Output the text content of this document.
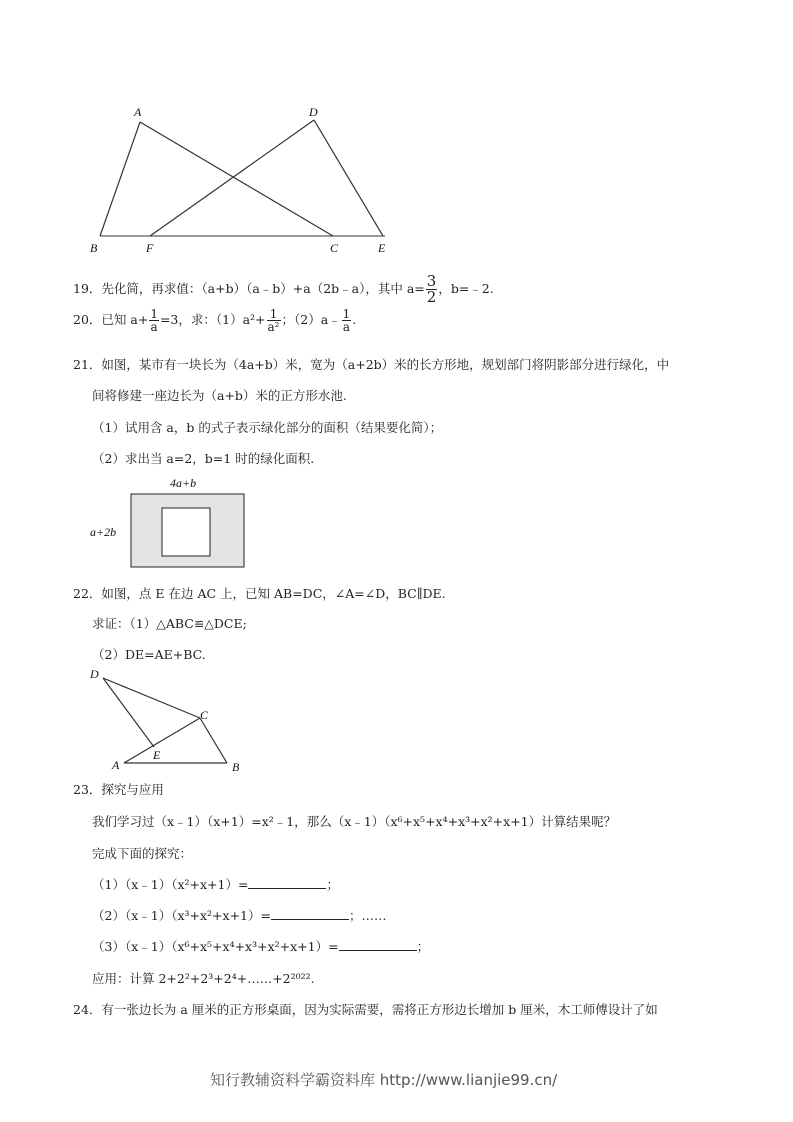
A	D
B	F	C	E
19．先化简，再求值：（a+b）（a﹣b）+a（2b﹣a），其中 $a= \frac{3}{2}$ ，b=﹣2.
20．已知 $a+ \frac{1}{a} =3$，求：$(1)a^2+ \frac{1}{\text{a²}}$ ；（2）a﹣ $\frac{1}{a}$ .
21．如图，某市有一块长为（4a+b）米，宽为（a+2b）米的长方形地，规划部门将阴影部分进行绿化，中
间将修建一座边长为（a+b）米的正方形水池.
（1）试用含 a，b 的式子表示绿化部分的面积（结果要化简）；
（2）求出当 a=2，b=1 时的绿化面积.
4a+b
a+2b
22．如图，点 E 在边 AC 上，已知 AB=DC，∠A=∠D，BC∥DE.
求证：（1）△ABC≌△DCE;
（2）DE=AE+BC.
D
C
E
A	B
23．探究与应用
我们学习过（x﹣1）（x+1）=x²﹣1，那么（x﹣1）（x⁶+x⁵+x⁴+x³+x²+x+1）计算结果呢？
完成下面的探究：
（1）（x﹣1）（x²+x+1）=	；
（2）（x﹣1）（x³+x²+x+1）=	；……
（3）（x﹣1）（x⁶+x⁵+x⁴+x³+x²+x+1）=	；
应用：计算 2+2²+2³+2⁴+……+2²⁰²².
24．有一张边长为 a 厘米的正方形桌面，因为实际需要，需将正方形边长增加 b 厘米，木工师傅设计了如
知行教辅资料学霸资料库 http://www.lianjie99.cn/
